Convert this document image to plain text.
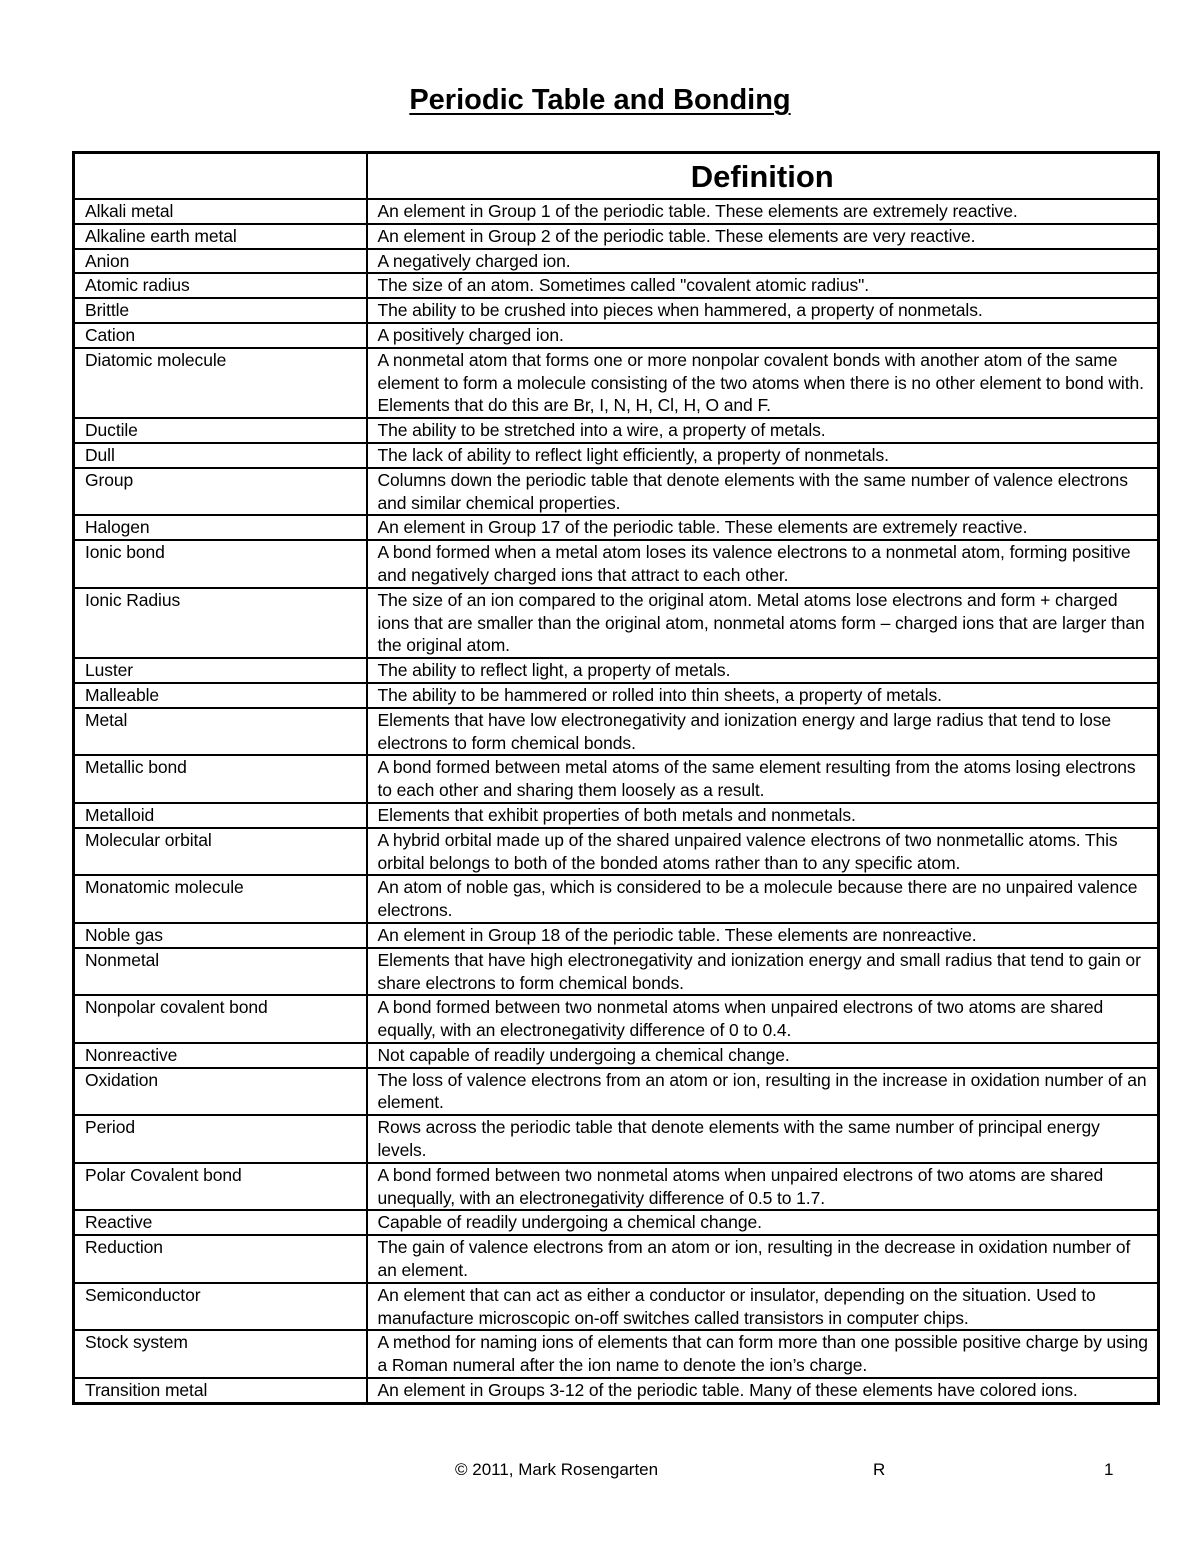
Periodic Table and Bonding
	Definition
Alkali metal	An element in Group 1 of the periodic table. These elements are extremely reactive.
Alkaline earth metal	An element in Group 2 of the periodic table. These elements are very reactive.
Anion	A negatively charged ion.
Atomic radius	The size of an atom. Sometimes called "covalent atomic radius".
Brittle	The ability to be crushed into pieces when hammered, a property of nonmetals.
Cation	A positively charged ion.
Diatomic molecule	A nonmetal atom that forms one or more nonpolar covalent bonds with another atom of the same element to form a molecule consisting of the two atoms when there is no other element to bond with. Elements that do this are Br, I, N, H, Cl, H, O and F.
Ductile	The ability to be stretched into a wire, a property of metals.
Dull	The lack of ability to reflect light efficiently, a property of nonmetals.
Group	Columns down the periodic table that denote elements with the same number of valence electrons and similar chemical properties.
Halogen	An element in Group 17 of the periodic table. These elements are extremely reactive.
Ionic bond	A bond formed when a metal atom loses its valence electrons to a nonmetal atom, forming positive and negatively charged ions that attract to each other.
Ionic Radius	The size of an ion compared to the original atom. Metal atoms lose electrons and form + charged ions that are smaller than the original atom, nonmetal atoms form – charged ions that are larger than the original atom.
Luster	The ability to reflect light, a property of metals.
Malleable	The ability to be hammered or rolled into thin sheets, a property of metals.
Metal	Elements that have low electronegativity and ionization energy and large radius that tend to lose electrons to form chemical bonds.
Metallic bond	A bond formed between metal atoms of the same element resulting from the atoms losing electrons to each other and sharing them loosely as a result.
Metalloid	Elements that exhibit properties of both metals and nonmetals.
Molecular orbital	A hybrid orbital made up of the shared unpaired valence electrons of two nonmetallic atoms. This orbital belongs to both of the bonded atoms rather than to any specific atom.
Monatomic molecule	An atom of noble gas, which is considered to be a molecule because there are no unpaired valence electrons.
Noble gas	An element in Group 18 of the periodic table. These elements are nonreactive.
Nonmetal	Elements that have high electronegativity and ionization energy and small radius that tend to gain or share electrons to form chemical bonds.
Nonpolar covalent bond	A bond formed between two nonmetal atoms when unpaired electrons of two atoms are shared equally, with an electronegativity difference of 0 to 0.4.
Nonreactive	Not capable of readily undergoing a chemical change.
Oxidation	The loss of valence electrons from an atom or ion, resulting in the increase in oxidation number of an element.
Period	Rows across the periodic table that denote elements with the same number of principal energy levels.
Polar Covalent bond	A bond formed between two nonmetal atoms when unpaired electrons of two atoms are shared unequally, with an electronegativity difference of 0.5 to 1.7.
Reactive	Capable of readily undergoing a chemical change.
Reduction	The gain of valence electrons from an atom or ion, resulting in the decrease in oxidation number of an element.
Semiconductor	An element that can act as either a conductor or insulator, depending on the situation. Used to manufacture microscopic on-off switches called transistors in computer chips.
Stock system	A method for naming ions of elements that can form more than one possible positive charge by using a Roman numeral after the ion name to denote the ion’s charge.
Transition metal	An element in Groups 3-12 of the periodic table. Many of these elements have colored ions.
© 2011, Mark Rosengarten	R	1
